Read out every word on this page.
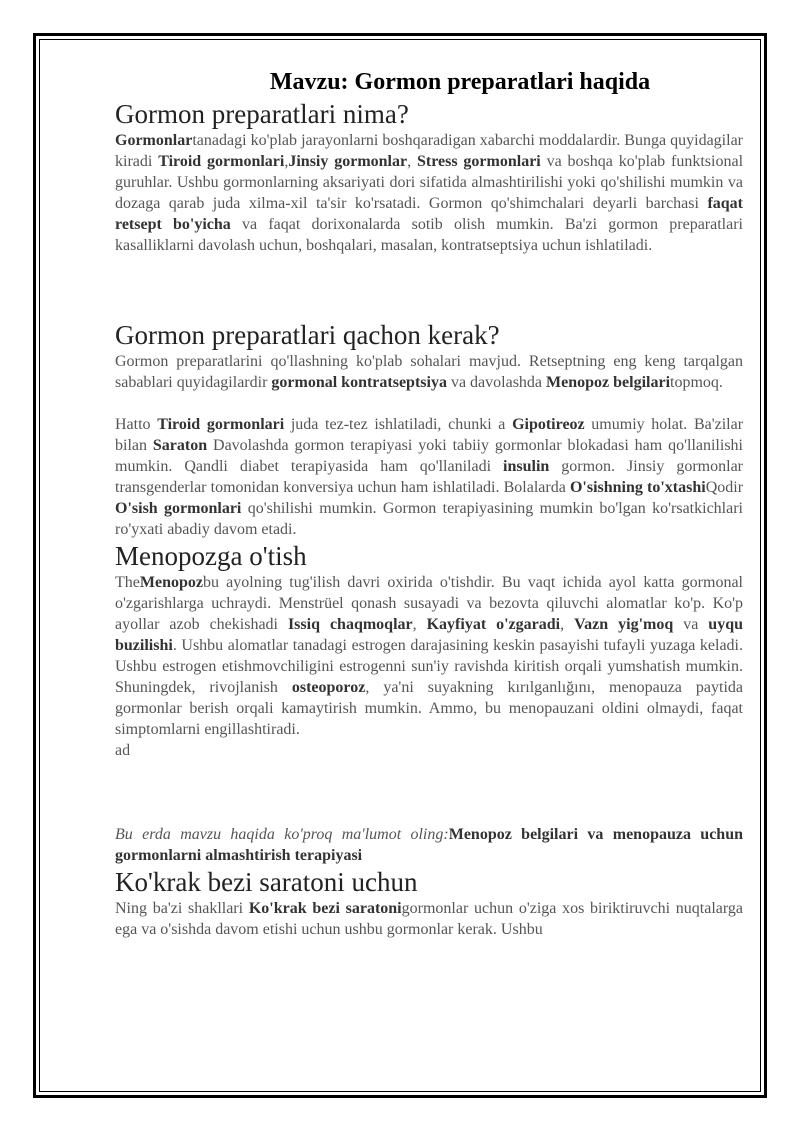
Mavzu: Gormon preparatlari haqida
Gormon preparatlari nima?

Gormonlartanadagi ko'plab jarayonlarni boshqaradigan xabarchi moddalardir. Bunga quyidagilar kiradi Tiroid gormonlari,Jinsiy gormonlar, Stress gormonlari va boshqa ko'plab funktsional guruhlar. Ushbu gormonlarning aksariyati dori sifatida almashtirilishi yoki qo'shilishi mumkin va dozaga qarab juda xilma-xil ta'sir ko'rsatadi. Gormon qo'shimchalari deyarli barchasi faqat retsept bo'yicha va faqat dorixonalarda sotib olish mumkin. Ba'zi gormon preparatlari kasalliklarni davolash uchun, boshqalari, masalan, kontratseptsiya uchun ishlatiladi.

Gormon preparatlari qachon kerak?

Gormon preparatlarini qo'llashning ko'plab sohalari mavjud. Retseptning eng keng tarqalgan sabablari quyidagilardir gormonal kontratseptsiya va davolashda Menopoz belgilaritopmoq.

Hatto Tiroid gormonlari juda tez-tez ishlatiladi, chunki a Gipotireoz umumiy holat. Ba'zilar bilan Saraton Davolashda gormon terapiyasi yoki tabiiy gormonlar blokadasi ham qo'llanilishi mumkin. Qandli diabet terapiyasida ham qo'llaniladi insulin gormon. Jinsiy gormonlar transgenderlar tomonidan konversiya uchun ham ishlatiladi. Bolalarda O'sishning to'xtashiQodir O'sish gormonlari qo'shilishi mumkin. Gormon terapiyasining mumkin bo'lgan ko'rsatkichlari ro'yxati abadiy davom etadi.

Menopozga o'tish

TheMenopozbu ayolning tug'ilish davri oxirida o'tishdir. Bu vaqt ichida ayol katta gormonal o'zgarishlarga uchraydi. Menstrüel qonash susayadi va bezovta qiluvchi alomatlar ko'p. Ko'p ayollar azob chekishadi Issiq chaqmoqlar, Kayfiyat o'zgaradi, Vazn yig'moq va uyqu buzilishi. Ushbu alomatlar tanadagi estrogen darajasining keskin pasayishi tufayli yuzaga keladi. Ushbu estrogen etishmovchiligini estrogenni sun'iy ravishda kiritish orqali yumshatish mumkin. Shuningdek, rivojlanish osteoporoz, ya'ni suyakning kırılganlığını, menopauza paytida gormonlar berish orqali kamaytirish mumkin. Ammo, bu menopauzani oldini olmaydi, faqat simptomlarni engillashtiradi.

ad

Bu erda mavzu haqida ko'proq ma'lumot oling:Menopoz belgilari va menopauza uchun gormonlarni almashtirish terapiyasi

Ko'krak bezi saratoni uchun

Ning ba'zi shakllari Ko'krak bezi saratonigormonlar uchun o'ziga xos biriktiruvchi nuqtalarga ega va o'sishda davom etishi uchun ushbu gormonlar kerak. Ushbu
